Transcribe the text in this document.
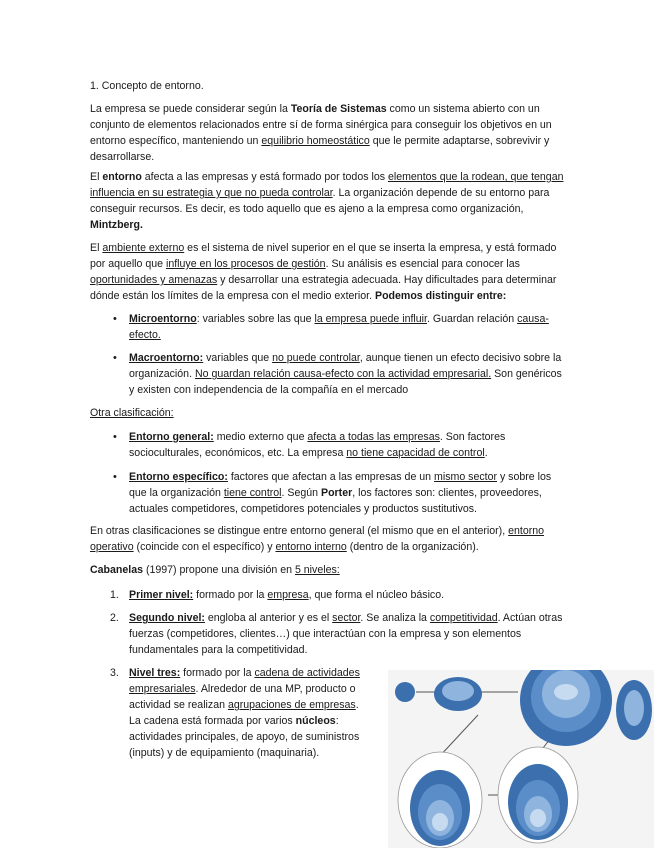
1. Concepto de entorno.

La empresa se puede considerar según la Teoría de Sistemas como un sistema abierto con un conjunto de elementos relacionados entre sí de forma sinérgica para conseguir los objetivos en un entorno específico, manteniendo un equilibrio homeostático que le permite adaptarse, sobrevivir y desarrollarse.

El entorno afecta a las empresas y está formado por todos los elementos que la rodean, que tengan influencia en su estrategia y que no pueda controlar. La organización depende de su entorno para conseguir recursos. Es decir, es todo aquello que es ajeno a la empresa como organización, Mintzberg.

El ambiente externo es el sistema de nivel superior en el que se inserta la empresa, y está formado por aquello que influye en los procesos de gestión. Su análisis es esencial para conocer las oportunidades y amenazas y desarrollar una estrategia adecuada. Hay dificultades para determinar dónde están los límites de la empresa con el medio exterior. Podemos distinguir entre:

• Microentorno: variables sobre las que la empresa puede influir. Guardan relación causa-efecto.

• Macroentorno: variables que no puede controlar, aunque tienen un efecto decisivo sobre la organización. No guardan relación causa-efecto con la actividad empresarial. Son genéricos y existen con independencia de la compañía en el mercado

Otra clasificación:

• Entorno general: medio externo que afecta a todas las empresas. Son factores socioculturales, económicos, etc. La empresa no tiene capacidad de control.

• Entorno específico: factores que afectan a las empresas de un mismo sector y sobre los que la organización tiene control. Según Porter, los factores son: clientes, proveedores, actuales competidores, competidores potenciales y productos sustitutivos.

En otras clasificaciones se distingue entre entorno general (el mismo que en el anterior), entorno operativo (coincide con el específico) y entorno interno (dentro de la organización).

Cabanelas (1997) propone una división en 5 niveles:

1. Primer nivel: formado por la empresa, que forma el núcleo básico.

2. Segundo nivel: engloba al anterior y es el sector. Se analiza la competitividad. Actúan otras fuerzas (competidores, clientes…) que interactúan con la empresa y son elementos fundamentales para la competitividad.

3. Nivel tres: formado por la cadena de actividades empresariales. Alrededor de una MP, producto o actividad se realizan agrupaciones de empresas. La cadena está formada por varios núcleos: actividades principales, de apoyo, de suministros (inputs) y de equipamiento (maquinaria).
